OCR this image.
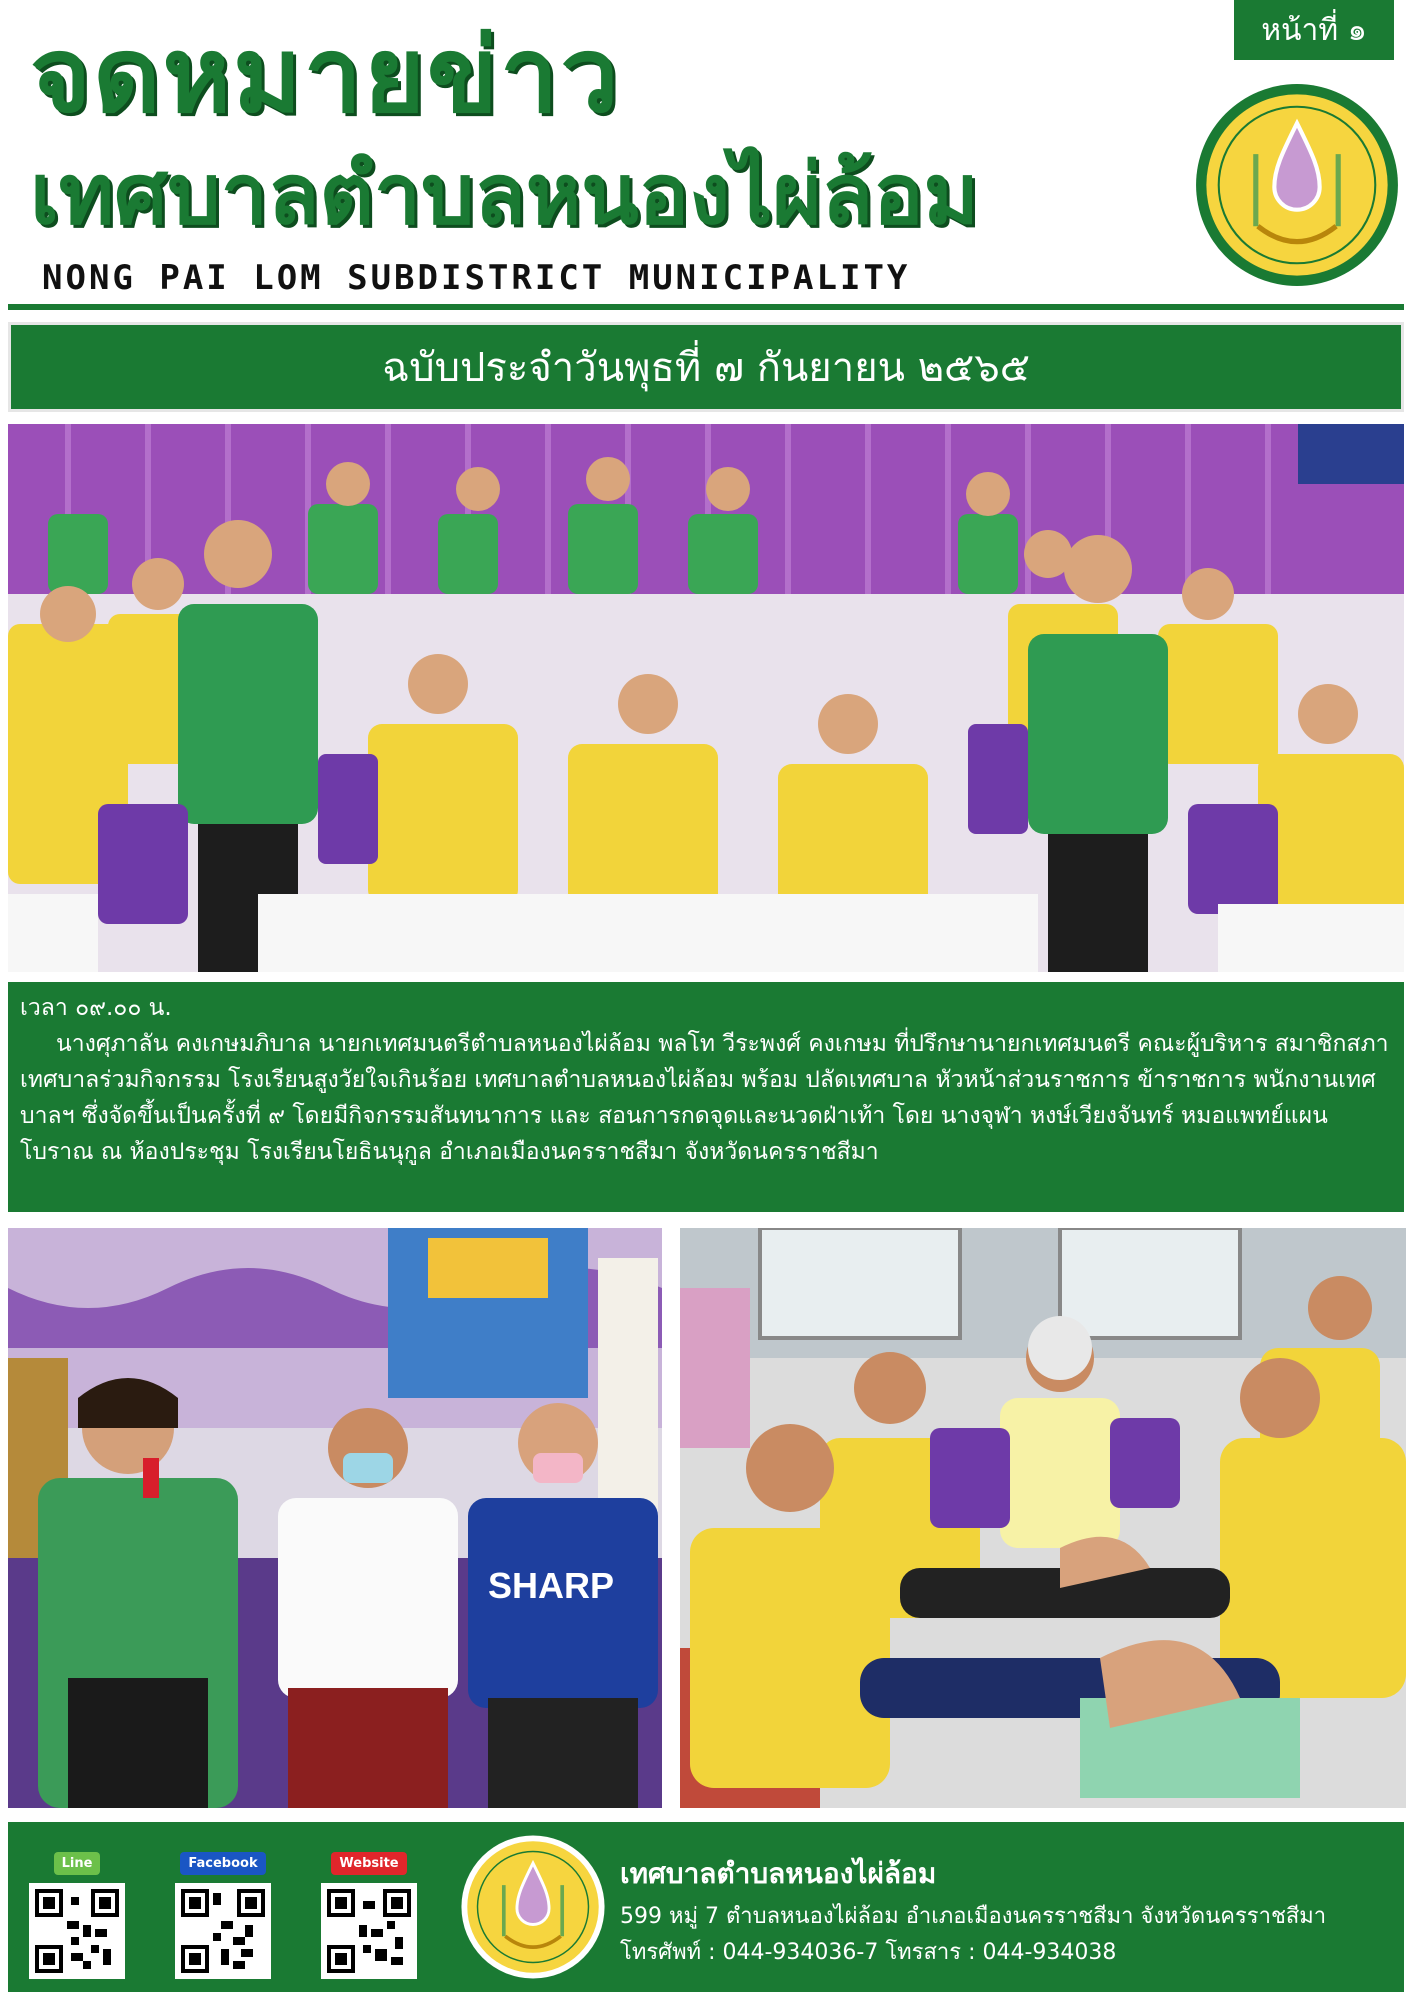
หน้าที่ ๑
จดหมายข่าว
เทศบาลตำบลหนองไผ่ล้อม
NONG PAI LOM SUBDISTRICT MUNICIPALITY
ฉบับประจำวันพุธที่ ๗ กันยายน ๒๕๖๕

เวลา ๐๙.๐๐ น.

นางศุภาลัน คงเกษมภิบาล นายกเทศมนตรีตำบลหนองไผ่ล้อม พลโท วีระพงศ์ คงเกษม ที่ปรึกษานายกเทศมนตรี คณะผู้บริหาร สมาชิกสภาเทศบาลร่วมกิจกรรม โรงเรียนสูงวัยใจเกินร้อย เทศบาลตำบลหนองไผ่ล้อม พร้อม ปลัดเทศบาล หัวหน้าส่วนราชการ ข้าราชการ พนักงานเทศบาลฯ ซึ่งจัดขึ้นเป็นครั้งที่ ๙ โดยมีกิจกรรมสันทนาการ และ สอนการกดจุดและนวดฝ่าเท้า โดย นางจุฬา หงษ์เวียงจันทร์ หมอแพทย์แผนโบราณ ณ ห้องประชุม โรงเรียนโยธินนุกูล อำเภอเมืองนครราชสีมา จังหวัดนครราชสีมา

SHARP
Line	Facebook	Website	เทศบาลตำบลหนองไผ่ล้อม
599 หมู่ 7 ตำบลหนองไผ่ล้อม อำเภอเมืองนครราชสีมา จังหวัดนครราชสีมา
โทรศัพท์ : 044-934036-7 โทรสาร : 044-934038
